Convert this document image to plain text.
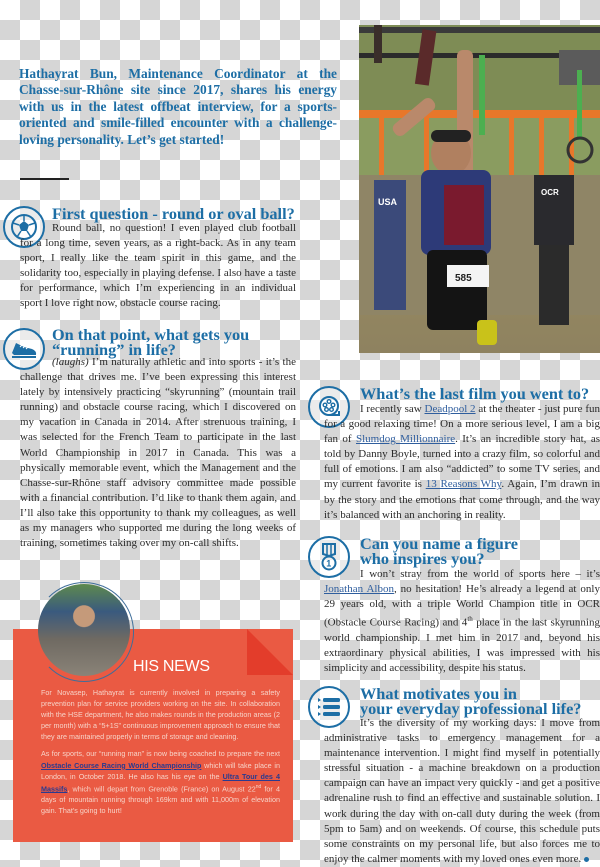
Hathayrat Bun, Maintenance Coordinator at the Chasse-sur-Rhône site since 2017, shares his energy with us in the latest offbeat interview, for a sports-oriented and smile-filled encounter with a challenge-loving personality. Let’s get started!
USA
OCR
585
First question - round or oval ball?
Round ball, no question! I even played club football for a long time, seven years, as a right-back. As in any team sport, I really like the team spirit in this game, and the solidarity too, especially in playing defense. I also have a taste for performance, which I’m experiencing in an individual sport I love right now, obstacle course racing.
On that point, what gets you
“running” in life?
(laughs) I’m naturally athletic and into sports - it’s the challenge that drives me. I’ve been expressing this interest lately by intensively practicing “skyrunning” (mountain trail running) and obstacle course racing, which I discovered on my vacation in Canada in 2014. After strenuous training, I was selected for the French Team to participate in the last World Championship in 2017 in Canada. This was a physically memorable event, which the Management and the Chasse-sur-Rhône staff advisory committee made possible with a financial contribution. I’d like to thank them again, and I’ll also take this opportunity to thank my colleagues, as well as my managers who supported me during the long weeks of training, sometimes taking over my on-call shifts.
What’s the last film you went to?
I recently saw Deadpool 2 at the theater - just pure fun for a good relaxing time! On a more serious level, I am a big fan of Slumdog Millionnaire. It’s an incredible story hat, as told by Danny Boyle, turned into a crazy film, so colorful and full of emotions. I am also “addicted” to some TV series, and my current favorite is 13 Reasons Why. Again, I’m drawn in by the story and the emotions that come through, and the way it’s balanced with an anchoring in reality.
1
Can you name a figure
who inspires you?
I won’t stray from the world of sports here – it’s Jonathan Albon, no hesitation! He’s already a legend at only 29 years old, with a triple World Champion title in OCR (Obstacle Course Racing) and 4th place in the last skyrunning world championship. I met him in 2017 and, beyond his extraordinary physical abilities, I was impressed with his simplicity and accessibility, despite his status.
What motivates you in
your everyday professional life?
It’s the diversity of my working days: I move from administrative tasks to emergency management for a maintenance intervention. I might find myself in potentially stressful situation - a machine breakdown on a production campaign can have an impact very quickly - and get a positive adrenaline rush to find an effective and sustainable solution. I work during the day with on-call duty during the week (from 5pm to 5am) and on weekends. Of course, this schedule puts some constraints on my personal life, but also forces me to enjoy the calmer moments with my loved ones even more.
HIS NEWS

For Novasep, Hathayrat is currently involved in preparing a safety prevention plan for service providers working on the site. In collaboration with the HSE department, he also makes rounds in the production areas (2 per month) with a “5+1S” continuous improvement approach to ensure that they are maintained properly in terms of storage and cleaning.

As for sports, our “running man” is now being coached to prepare the next Obstacle Course Racing World Championship which will take place in London, in October 2018. He also has his eye on the Ultra Tour des 4 Massifs, which will depart from Grenoble (France) on August 22nd for 4 days of mountain running through 169km and with 11,000m of elevation gain. That’s going to hurt!
